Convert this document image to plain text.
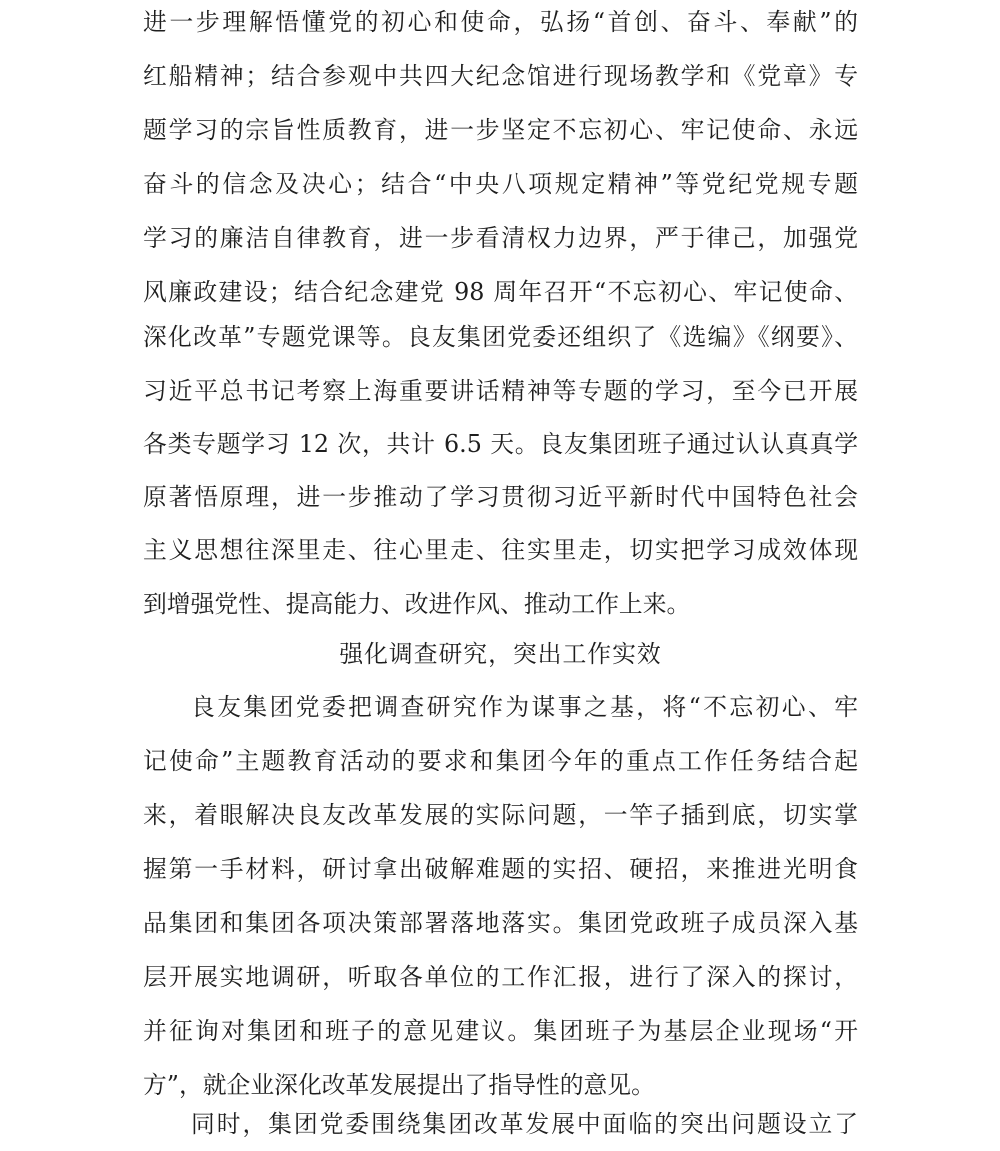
进一步理解悟懂党的初心和使命，弘扬“首创、奋斗、奉献”的
红船精神；结合参观中共四大纪念馆进行现场教学和《党章》专
题学习的宗旨性质教育，进一步坚定不忘初心、牢记使命、永远
奋斗的信念及决心；结合“中央八项规定精神”等党纪党规专题
学习的廉洁自律教育，进一步看清权力边界，严于律己，加强党
风廉政建设；结合纪念建党 98 周年召开“不忘初心、牢记使命、
深化改革”专题党课等。良友集团党委还组织了《选编》《纲要》、
习近平总书记考察上海重要讲话精神等专题的学习，至今已开展
各类专题学习 12 次，共计 6.5 天。良友集团班子通过认认真真学
原著悟原理，进一步推动了学习贯彻习近平新时代中国特色社会
主义思想往深里走、往心里走、往实里走，切实把学习成效体现
到增强党性、提高能力、改进作风、推动工作上来。
强化调查研究，突出工作实效
良友集团党委把调查研究作为谋事之基，将“不忘初心、牢
记使命”主题教育活动的要求和集团今年的重点工作任务结合起
来，着眼解决良友改革发展的实际问题，一竿子插到底，切实掌
握第一手材料，研讨拿出破解难题的实招、硬招，来推进光明食
品集团和集团各项决策部署落地落实。集团党政班子成员深入基
层开展实地调研，听取各单位的工作汇报，进行了深入的探讨，
并征询对集团和班子的意见建议。集团班子为基层企业现场“开
方”，就企业深化改革发展提出了指导性的意见。
同时，集团党委围绕集团改革发展中面临的突出问题设立了
